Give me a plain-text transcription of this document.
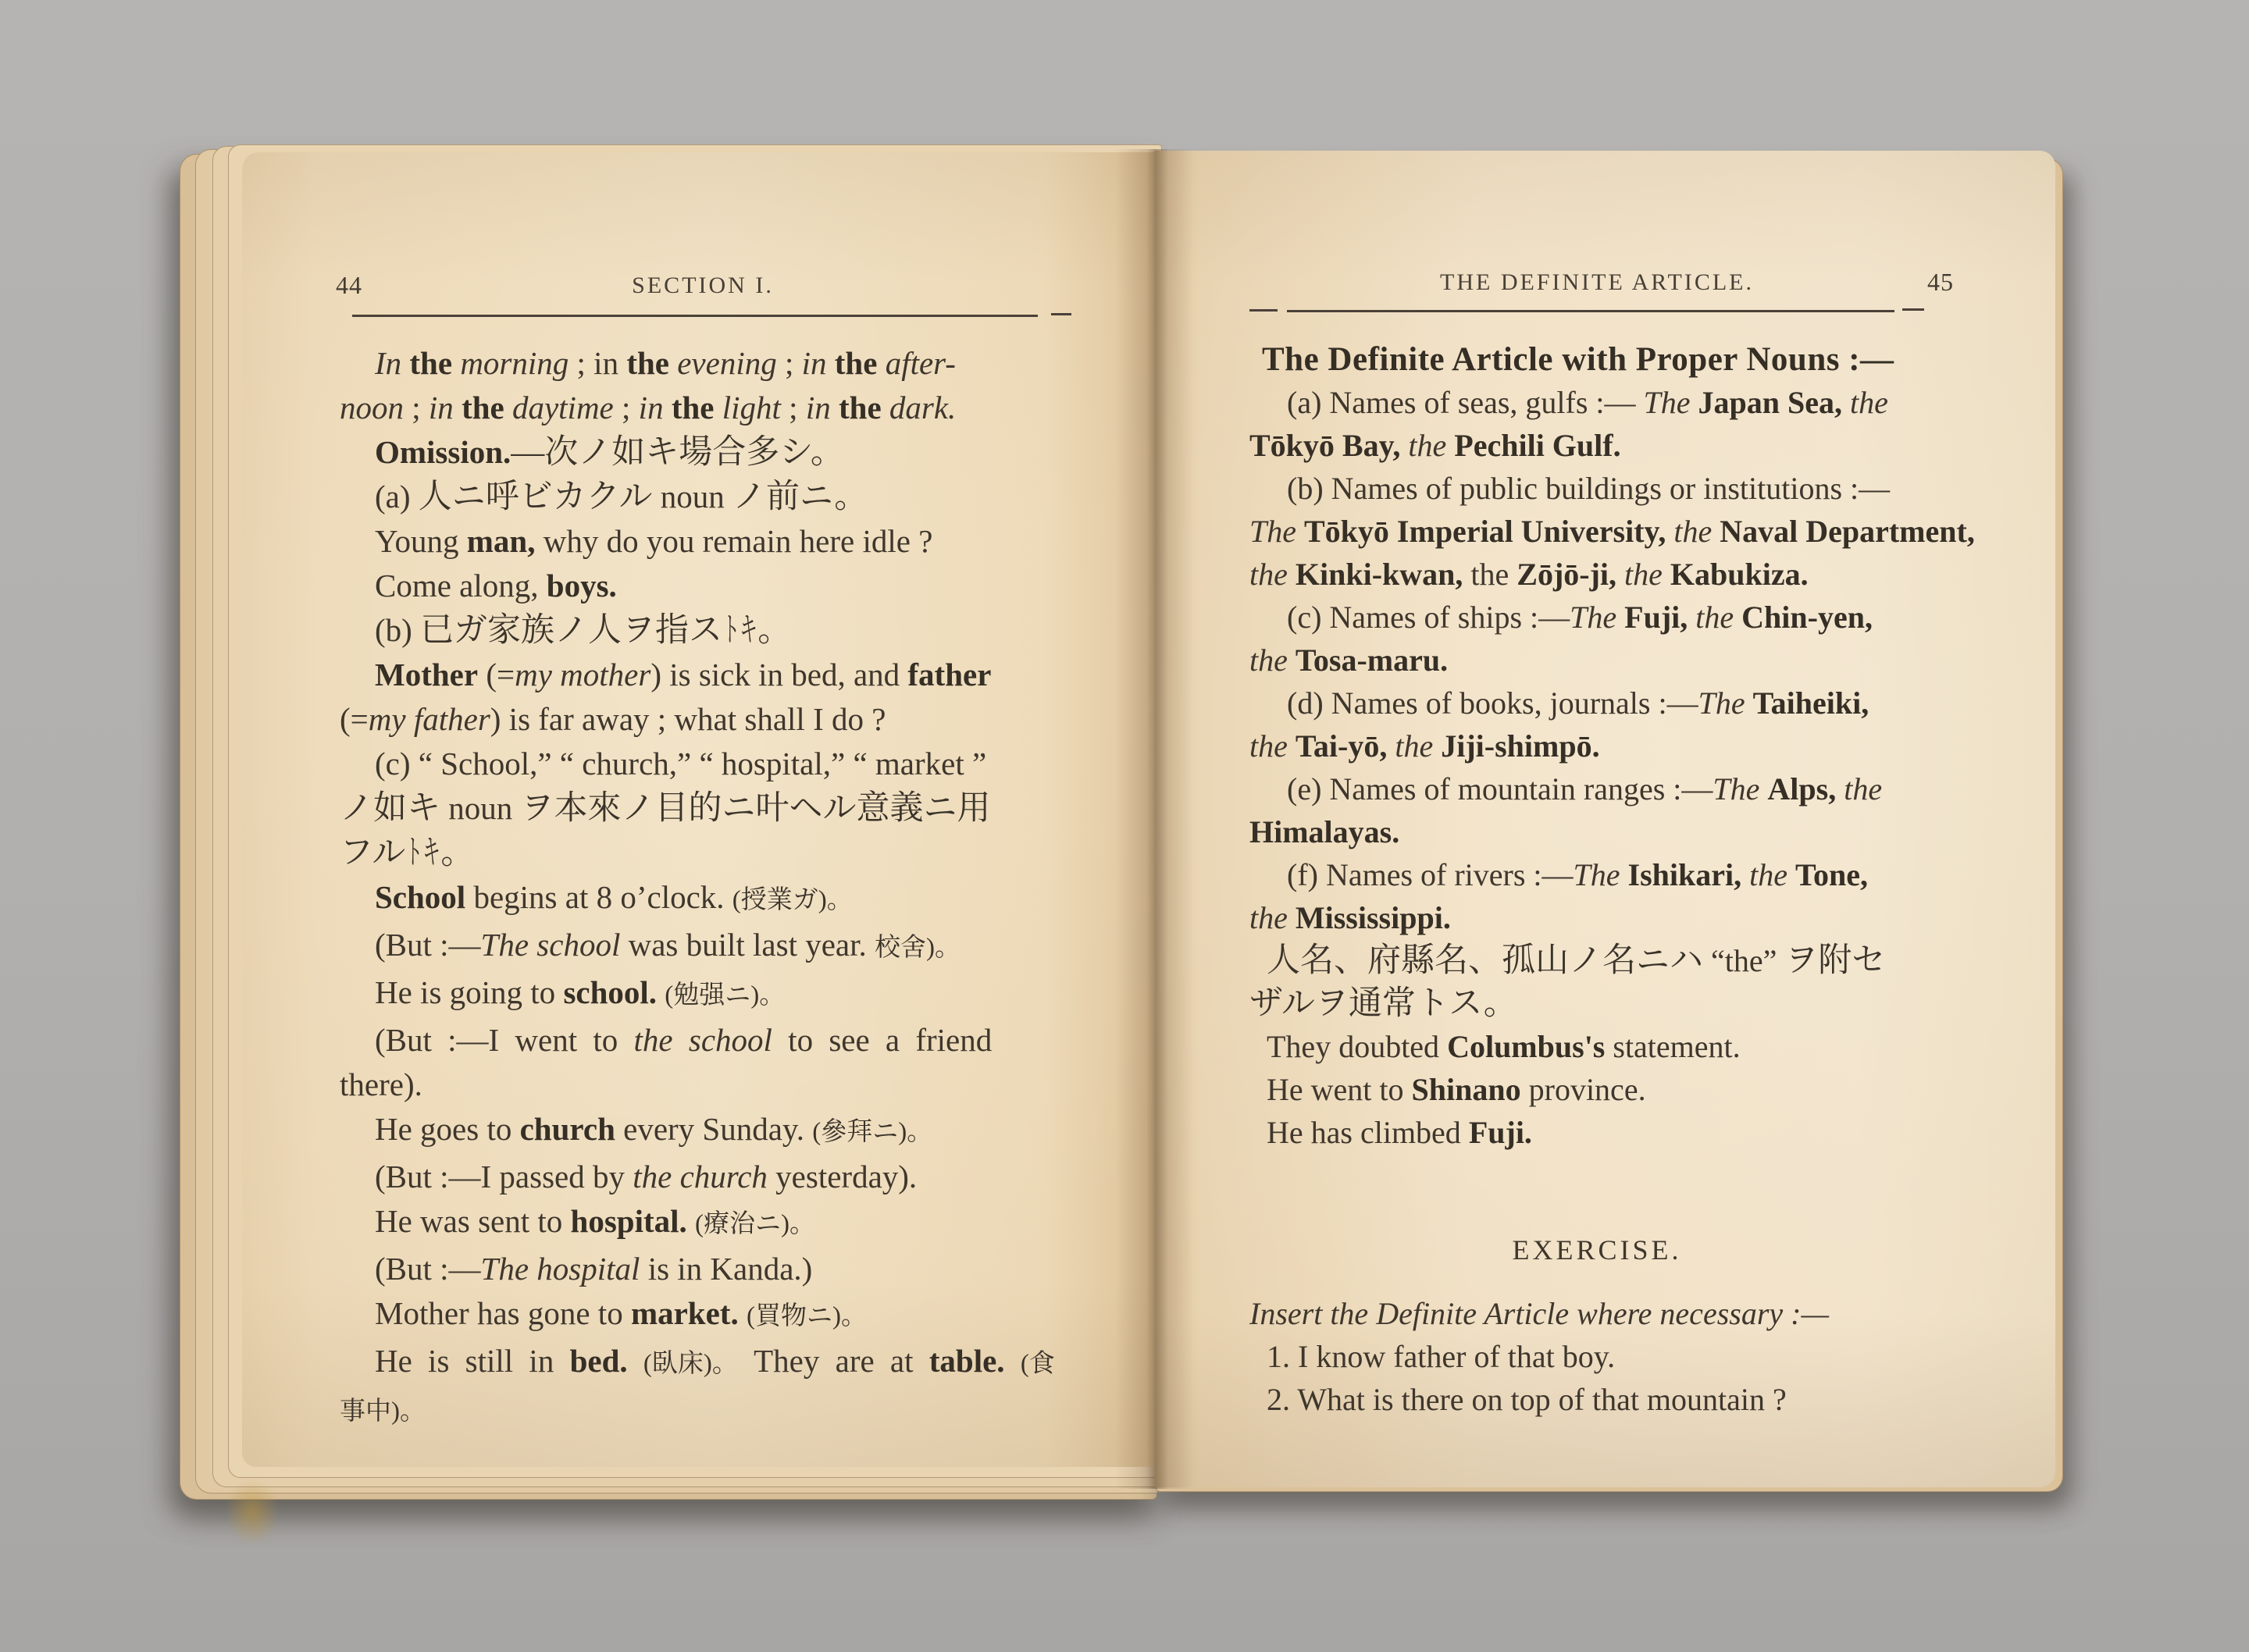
44	SECTION I.
In the morning ; in the evening ; in the after-
noon ; in the daytime ; in the light ; in the dark.
Omission.—次ノ如キ場合多シ。
(a) 人ニ呼ビカクル noun ノ前ニ。
Young man, why do you remain here idle ?
Come along, boys.
(b) 已ガ家族ノ人ヲ指ストキ。
Mother (=my mother) is sick in bed, and father
(=my father) is far away ; what shall I do ?
(c) “ School,” “ church,” “ hospital,” “ market ”
ノ如キ noun ヲ本來ノ目的ニ叶ヘル意義ニ用
フルトキ。
School begins at 8 o’clock. (授業ガ)。
(But :—The school was built last year. 校舍)。
He is going to school. (勉强ニ)。
(But :—I went to the school to see a friend
there).
He goes to church every Sunday. (參拜ニ)。
(But :—I passed by the church yesterday).
He was sent to hospital. (療治ニ)。
(But :—The hospital is in Kanda.)
Mother has gone to market. (買物ニ)。
He is still in bed. (臥床)。 They are at table. (食
事中)。
THE DEFINITE ARTICLE.	45
The Definite Article with Proper Nouns :—
(a) Names of seas, gulfs :— The Japan Sea, the
Tōkyō Bay, the Pechili Gulf.
(b) Names of public buildings or institutions :—
The Tōkyō Imperial University, the Naval Department,
the Kinki-kwan, the Zōjō-ji, the Kabukiza.
(c) Names of ships :—The Fuji, the Chin-yen,
the Tosa-maru.
(d) Names of books, journals :—The Taiheiki,
the Tai-yō, the Jiji-shimpō.
(e) Names of mountain ranges :—The Alps, the
Himalayas.
(f) Names of rivers :—The Ishikari, the Tone,
the Mississippi.
人名、府縣名、孤山ノ名ニハ “the” ヲ附セ
ザルヲ通常トス。
They doubted Columbus's statement.
He went to Shinano province.
He has climbed Fuji.
EXERCISE.
Insert the Definite Article where necessary :—
1. I know father of that boy.
2. What is there on top of that mountain ?
